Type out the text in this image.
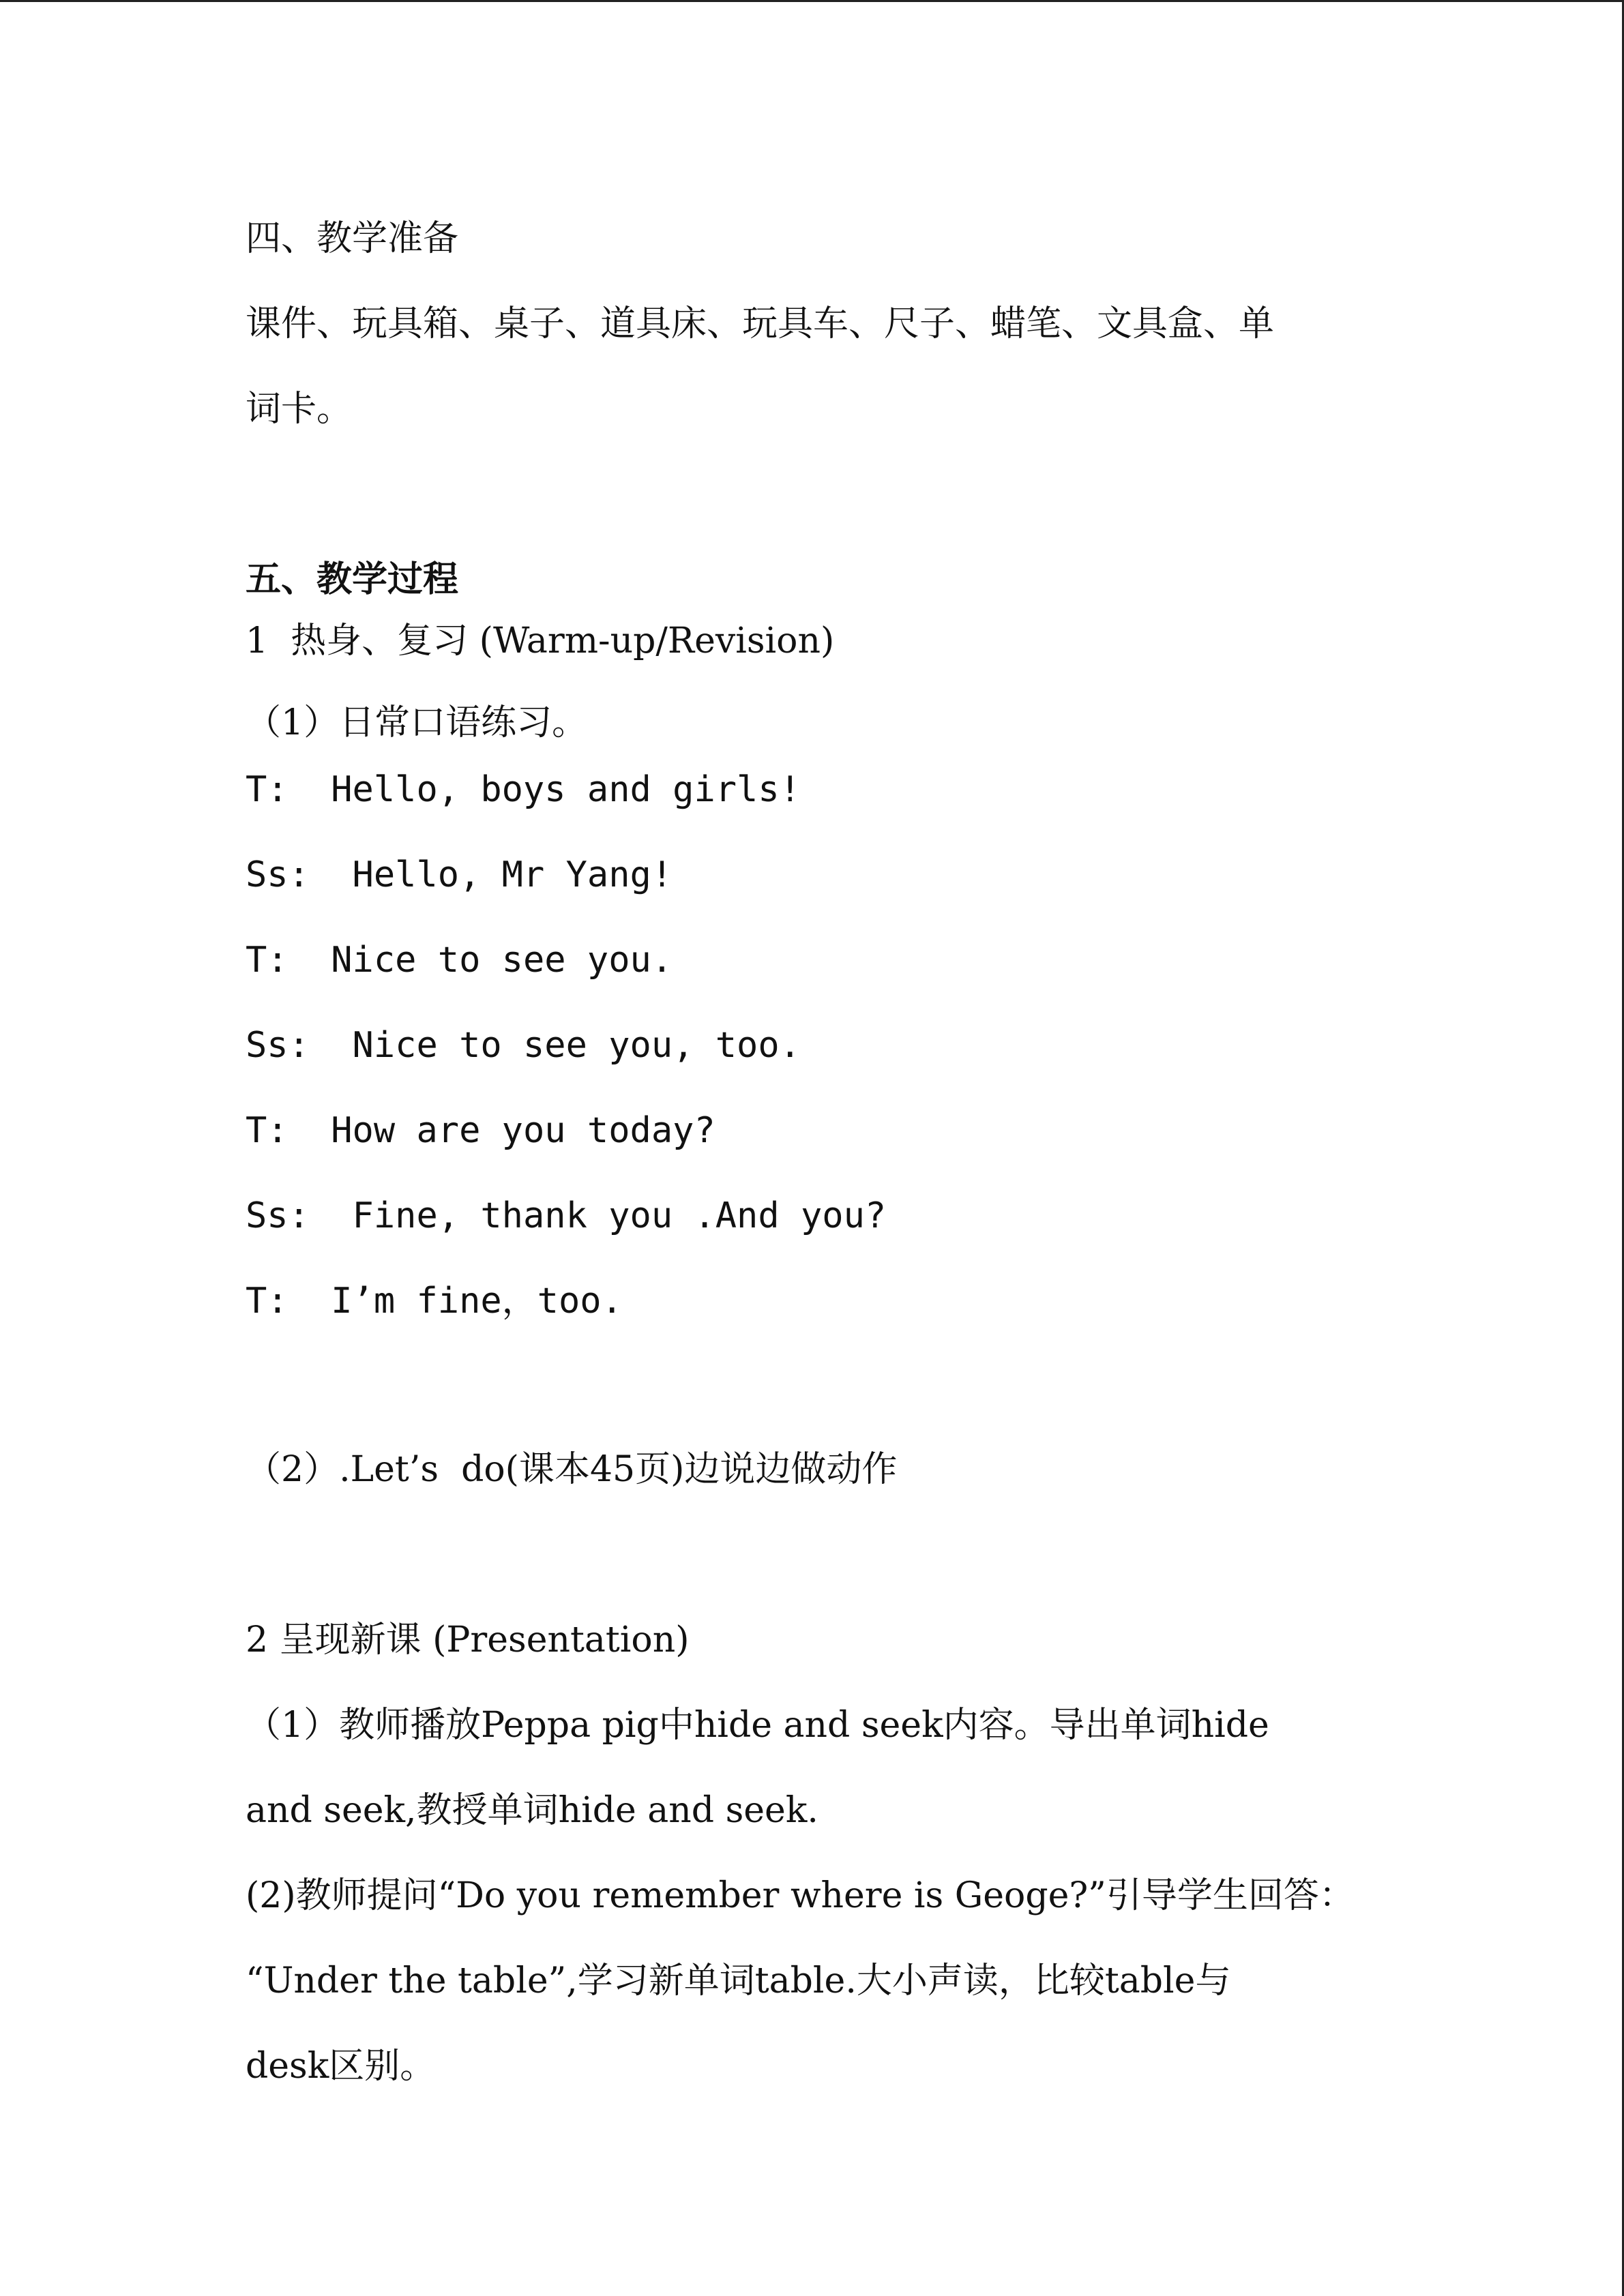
四、教学准备
课件、玩具箱、桌子、道具床、玩具车、尺子、蜡笔、文具盒、单
词卡。
五、教学过程
1  热身、复习 (Warm-up/Revision)
（1）日常口语练习。
T:  Hello, boys and girls!
Ss:  Hello, Mr Yang!
T:  Nice to see you.
Ss:  Nice to see you, too.
T:  How are you today?
Ss:  Fine, thank you .And you?
T:  I’m fine，too.
（2）.Let’s  do(课本45页)边说边做动作
2 呈现新课 (Presentation)
（1）教师播放Peppa pig中hide and seek内容。导出单词hide
and seek,教授单词hide and seek.
(2)教师提问“Do you remember where is Geoge?”引导学生回答：
“Under the table”,学习新单词table.大小声读，比较table与
desk区别。
